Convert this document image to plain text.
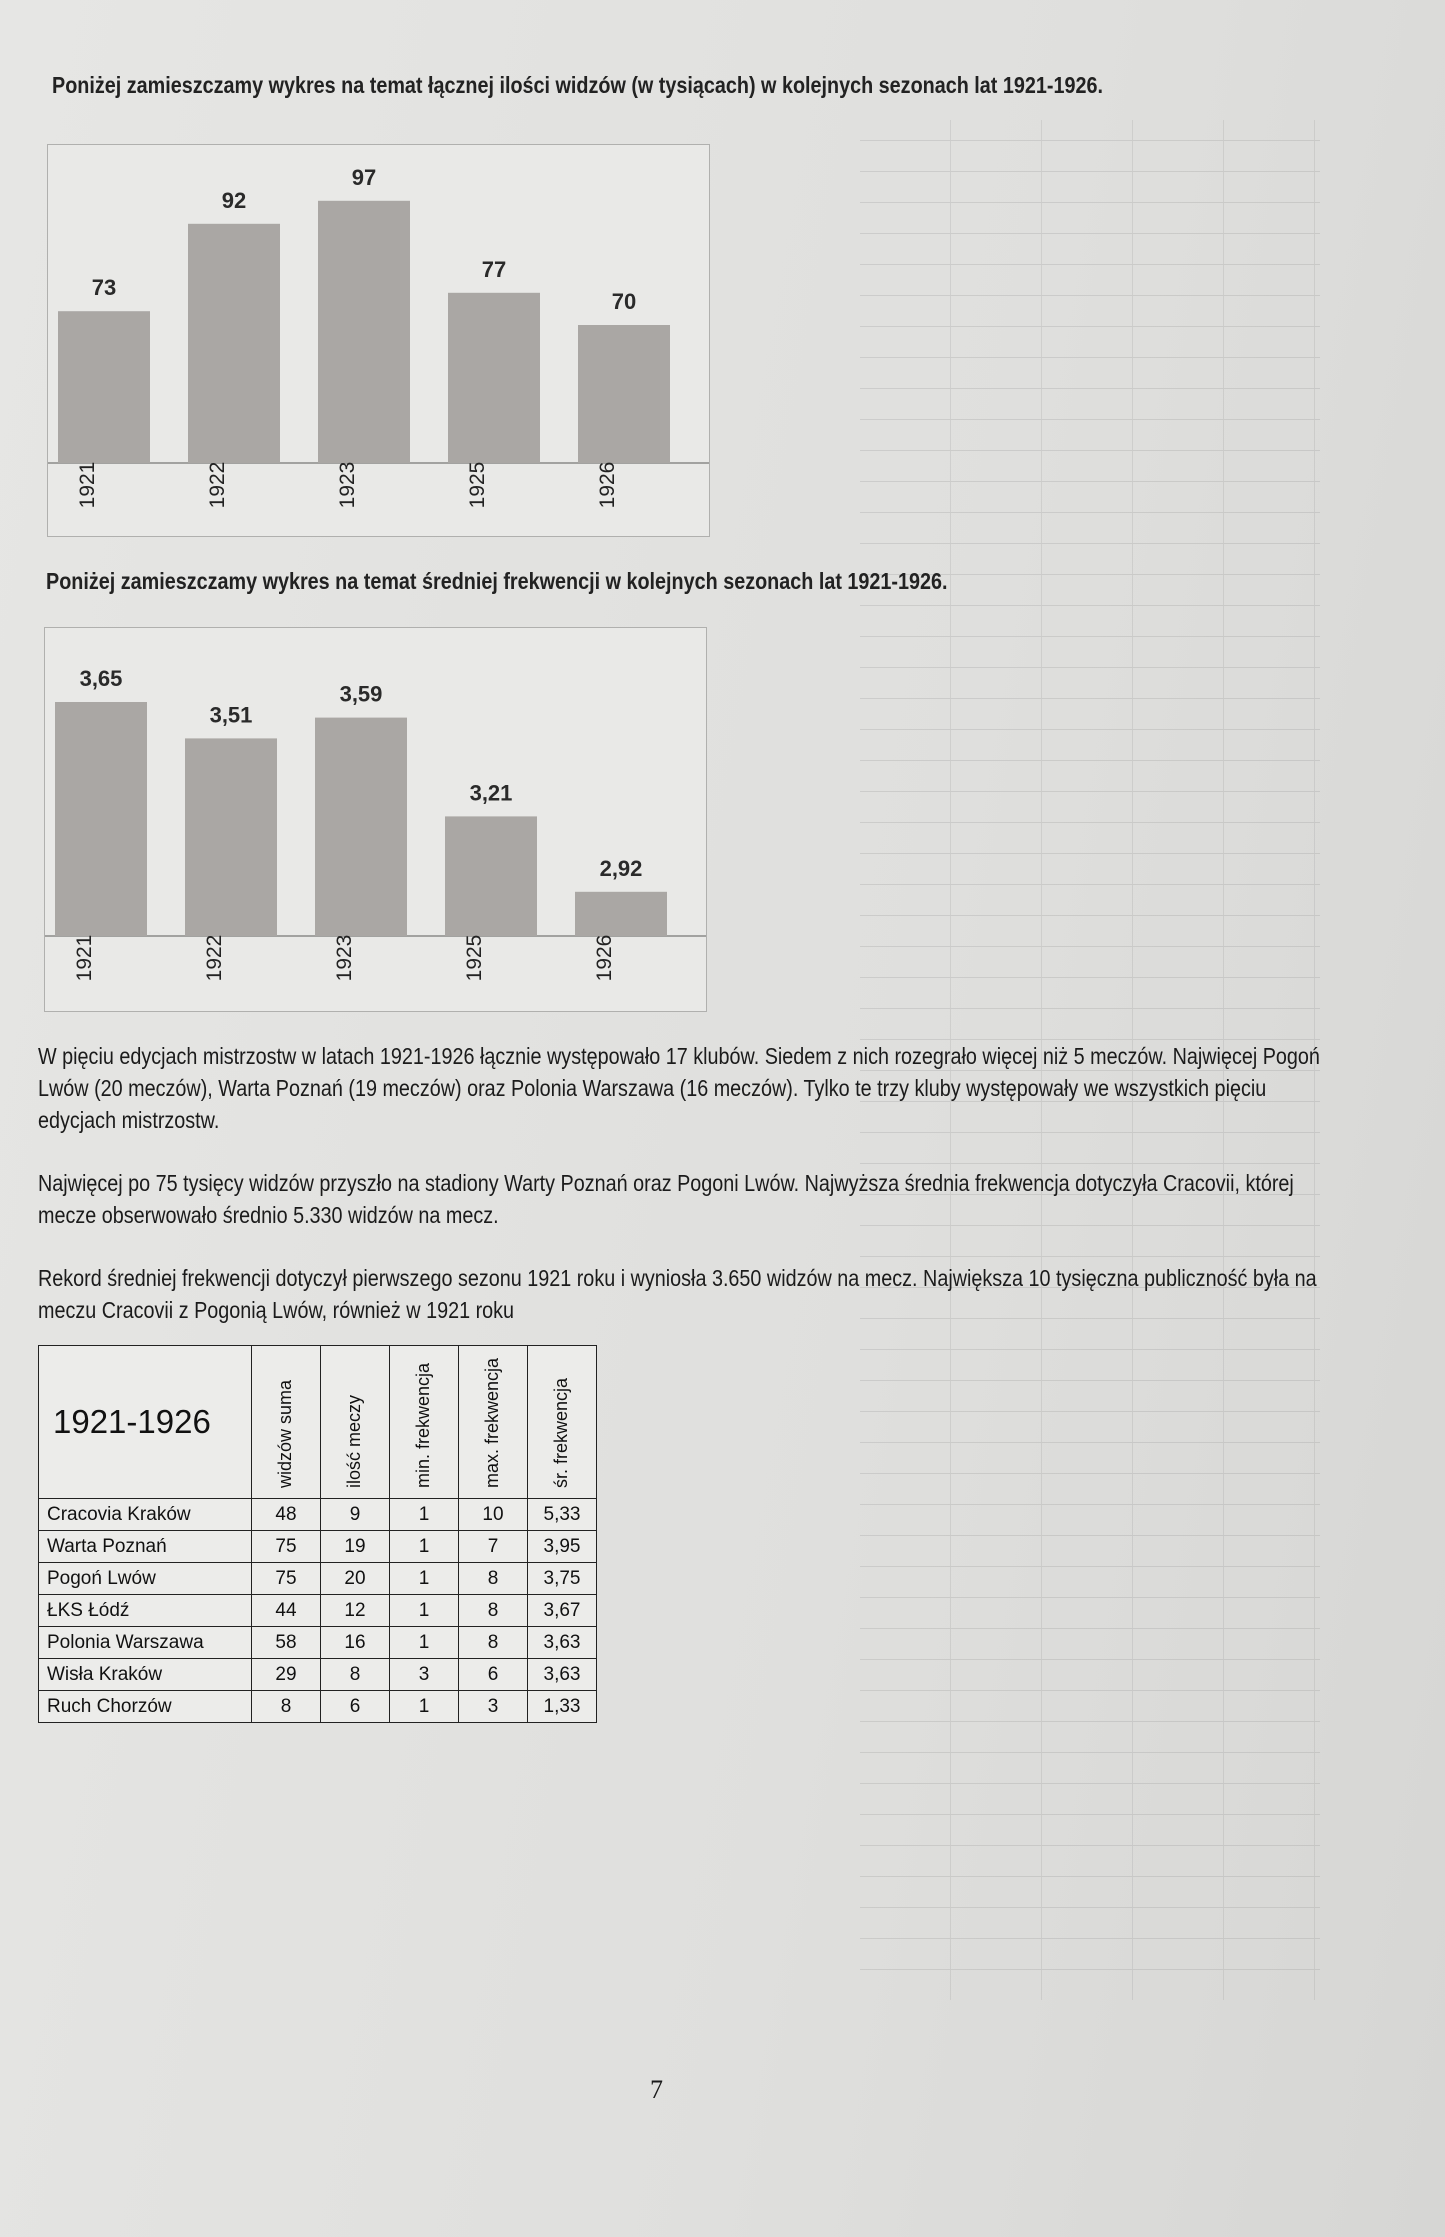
Poniżej zamieszczamy wykres na temat łącznej ilości widzów (w tysiącach) w kolejnych sezonach lat 1921-1926.
73
1921
92
1922
97
1923
77
1925
70
1926
Poniżej zamieszczamy wykres na temat średniej frekwencji w kolejnych sezonach lat 1921-1926.
3,65
1921
3,51
1922
3,59
1923
3,21
1925
2,92
1926

W pięciu edycjach mistrzostw w latach 1921-1926 łącznie występowało 17 klubów. Siedem z nich rozegrało więcej niż 5 meczów. Najwięcej Pogoń Lwów (20 meczów), Warta Poznań (19 meczów) oraz Polonia Warszawa (16 meczów). Tylko te trzy kluby występowały we wszystkich pięciu edycjach mistrzostw.

Najwięcej po 75 tysięcy widzów przyszło na stadiony Warty Poznań oraz Pogoni Lwów. Najwyższa średnia frekwencja dotyczyła Cracovii, której mecze obserwowało średnio 5.330 widzów na mecz.

Rekord średniej frekwencji dotyczył pierwszego sezonu 1921 roku i wyniosła 3.650 widzów na mecz. Największa 10 tysięczna publiczność była na meczu Cracovii z Pogonią Lwów, również w 1921 roku

1921-1926	widzów suma	ilość meczy	min. frekwencja	max. frekwencja	śr. frekwencja

Cracovia Kraków	48	9	1	10	5,33
Warta Poznań	75	19	1	7	3,95
Pogoń Lwów	75	20	1	8	3,75
ŁKS Łódź	44	12	1	8	3,67
Polonia Warszawa	58	16	1	8	3,63
Wisła Kraków	29	8	3	6	3,63
Ruch Chorzów	8	6	1	3	1,33
7
